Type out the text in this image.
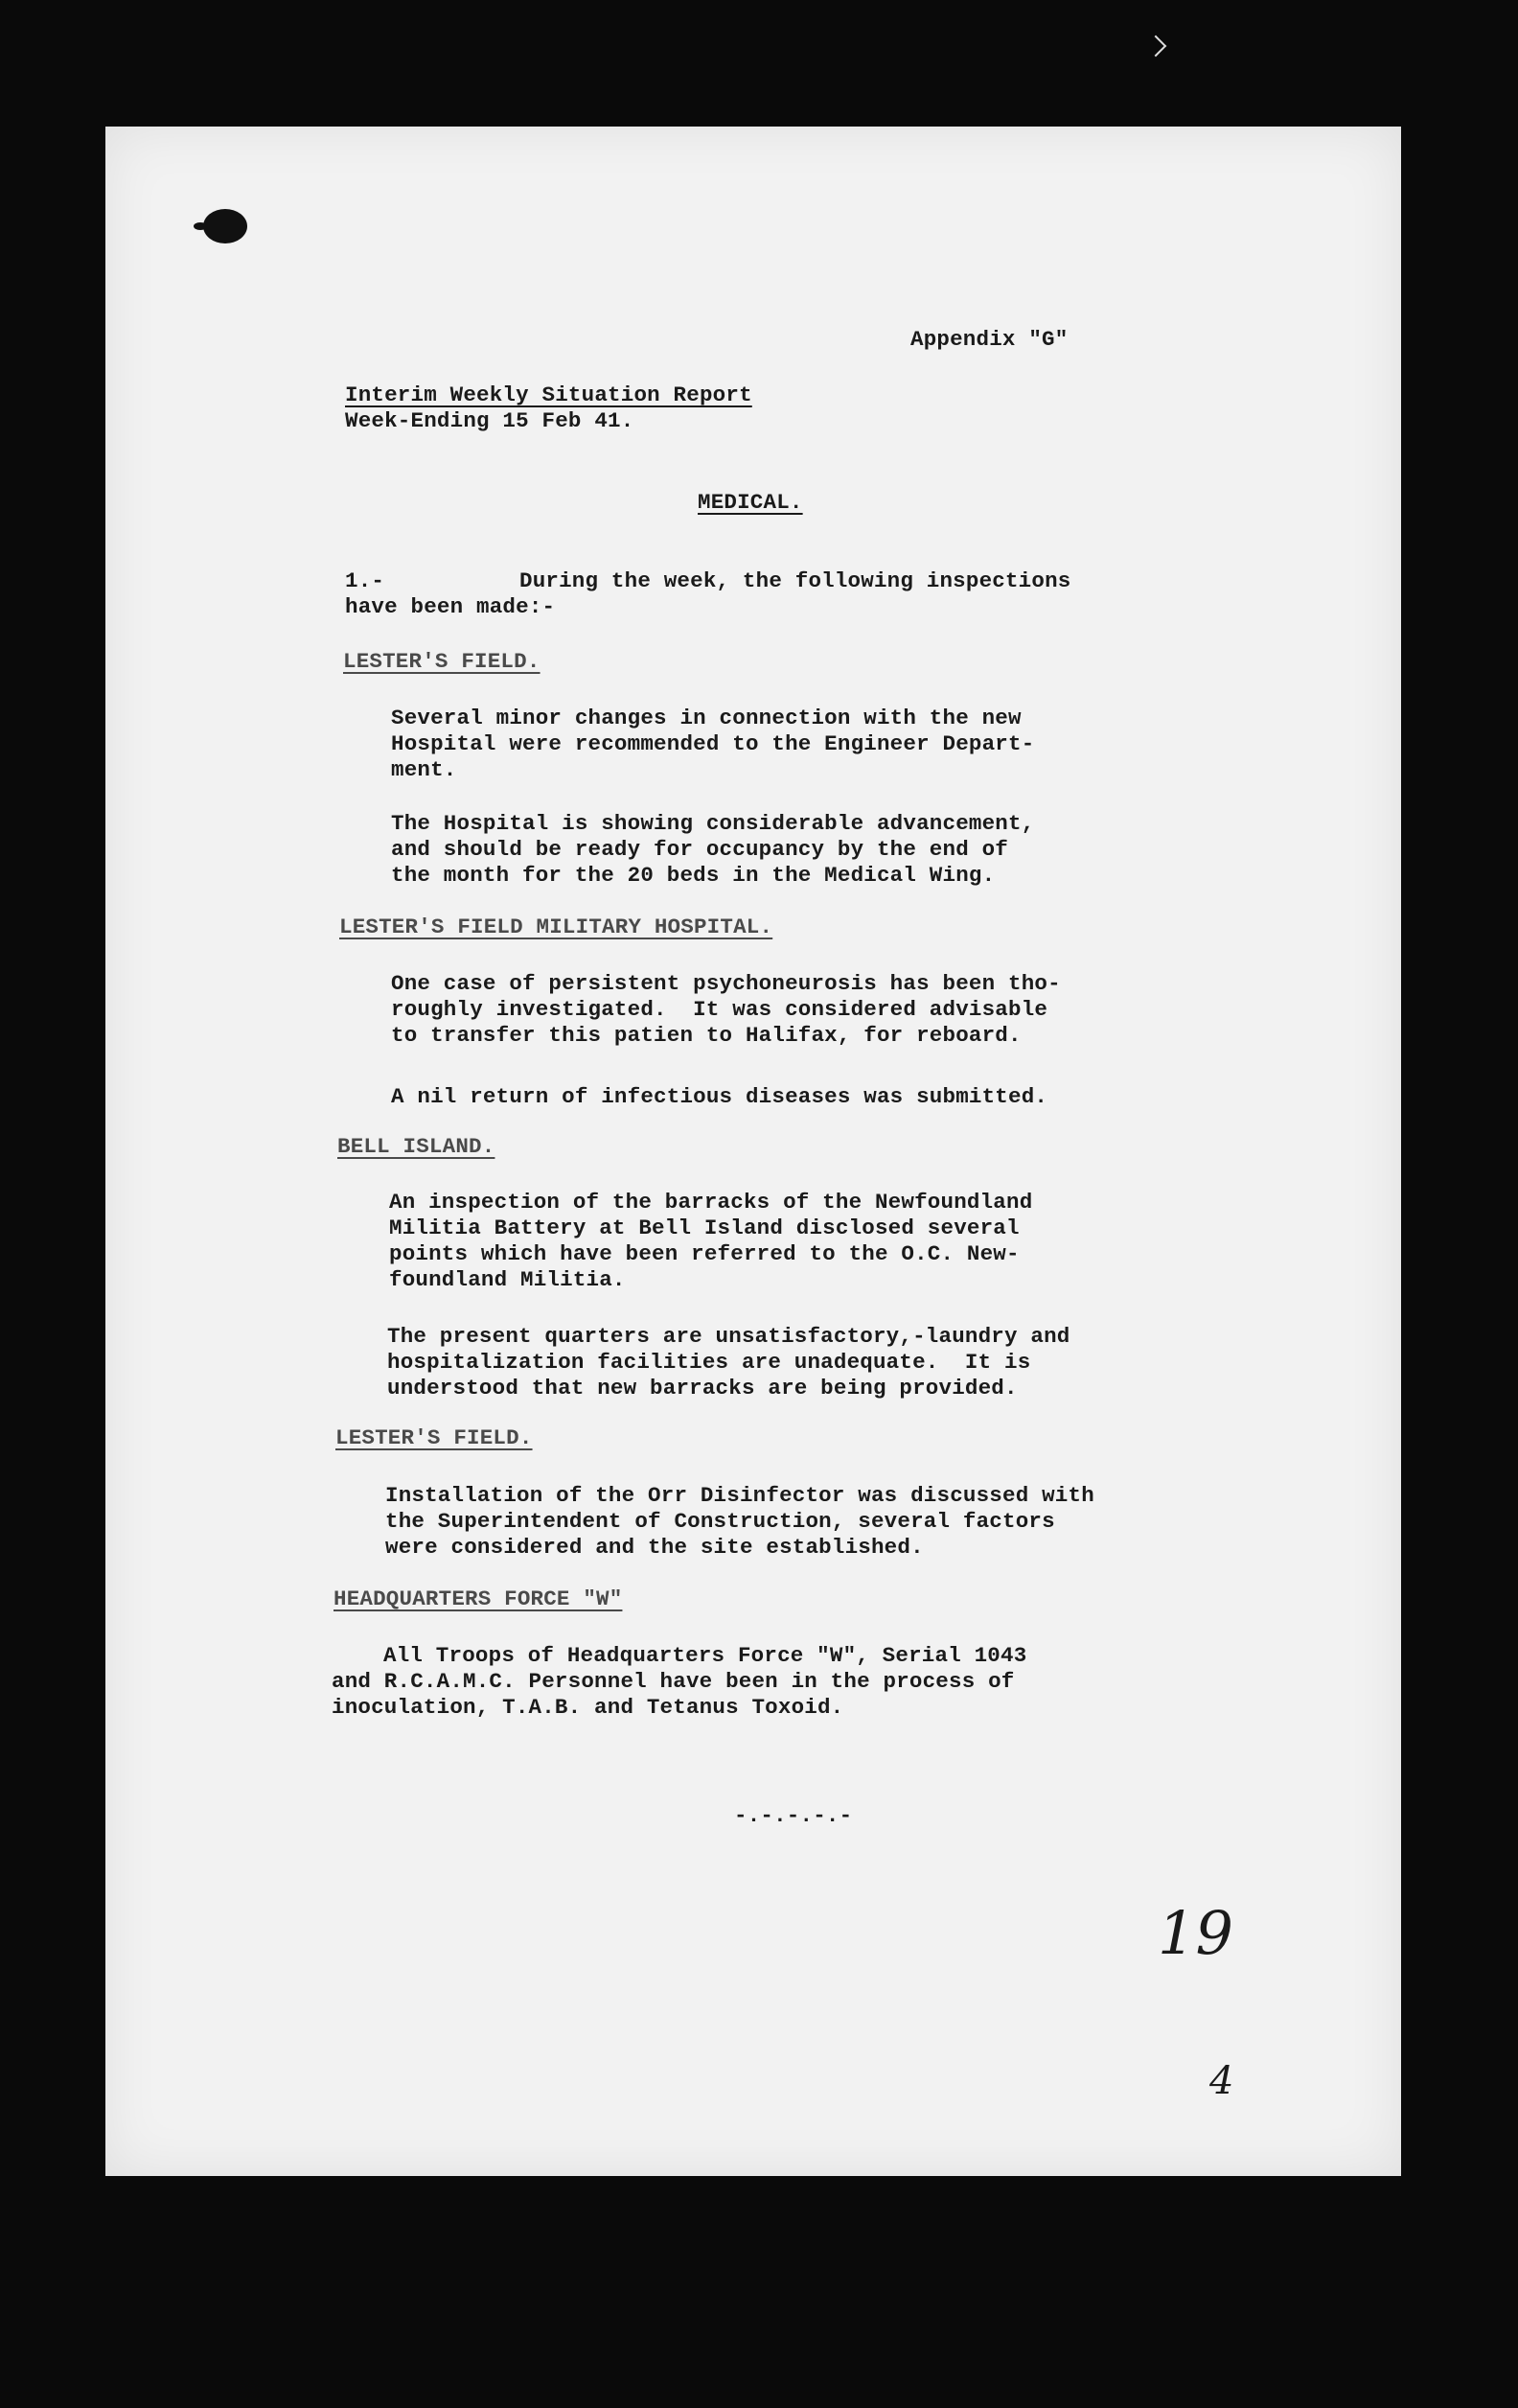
Appendix "G"
Interim Weekly Situation Report
Week-Ending 15 Feb 41.
MEDICAL.
1.-	During the week, the following inspections
have been made:-
LESTER'S FIELD.
Several minor changes in connection with the new
Hospital were recommended to the Engineer Depart-
ment.
The Hospital is showing considerable advancement,
and should be ready for occupancy by the end of
the month for the 20 beds in the Medical Wing.
LESTER'S FIELD MILITARY HOSPITAL.
One case of persistent psychoneurosis has been tho-
roughly investigated.  It was considered advisable
to transfer this patien to Halifax, for reboard.
A nil return of infectious diseases was submitted.
BELL ISLAND.
An inspection of the barracks of the Newfoundland
Militia Battery at Bell Island disclosed several
points which have been referred to the O.C. New-
foundland Militia.
The present quarters are unsatisfactory,-laundry and
hospitalization facilities are unadequate.  It is
understood that new barracks are being provided.
LESTER'S FIELD.
Installation of the Orr Disinfector was discussed with
the Superintendent of Construction, several factors
were considered and the site established.
HEADQUARTERS FORCE "W"
All Troops of Headquarters Force "W", Serial 1043
and R.C.A.M.C. Personnel have been in the process of
inoculation, T.A.B. and Tetanus Toxoid.
-.-.-.-.-
19
4
